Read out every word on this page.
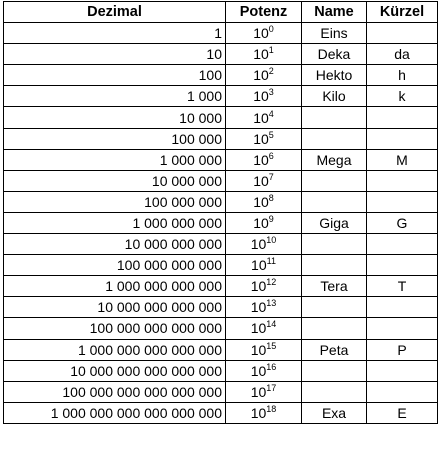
Dezimal	Potenz	Name	Kürzel
1	$10^0$	Eins	
10	$10^1$	Deka	da
100	$10^2$	Hekto	h
1 000	$10^3$	Kilo	k
10 000	$10^4$		
100 000	$10^5$		
1 000 000	$10^6$	Mega	M
10 000 000	$10^7$		
100 000 000	$10^8$		
1 000 000 000	$10^9$	Giga	G
10 000 000 000	$10^{10}$		
100 000 000 000	$10^{11}$		
1 000 000 000 000	$10^{12}$	Tera	T
10 000 000 000 000	$10^{13}$		
100 000 000 000 000	$10^{14}$		
1 000 000 000 000 000	$10^{15}$	Peta	P
10 000 000 000 000 000	$10^{16}$		
100 000 000 000 000 000	$10^{17}$		
1 000 000 000 000 000 000	$10^{18}$	Exa	E
